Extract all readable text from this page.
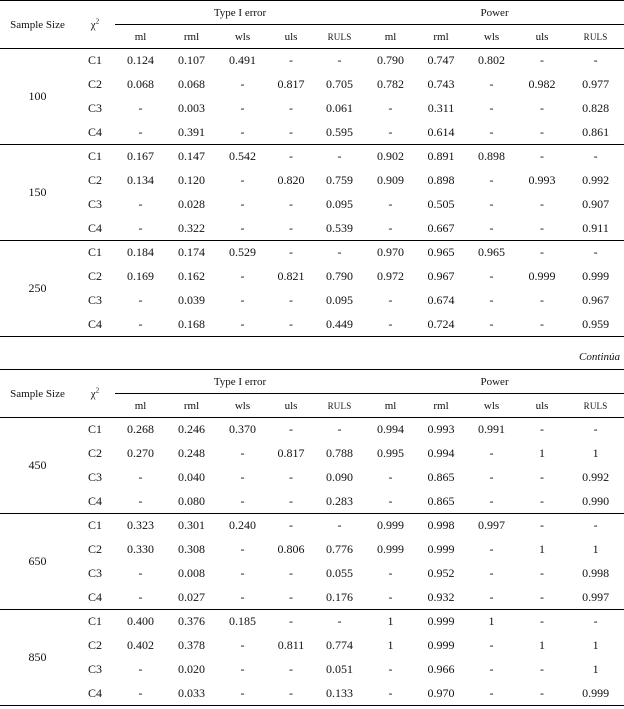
Sample Size	$\chi^2$	Type I error					Power				
		ml	rml	wls	uls	RULS	ml	rml	wls	uls	RULS
100	C1	0.124	0.107	0.491	-	-	0.790	0.747	0.802	-	-
	C2	0.068	0.068	-	0.817	0.705	0.782	0.743	-	0.982	0.977
	C3	-	0.003	-	-	0.061	-	0.311	-	-	0.828
	C4	-	0.391	-	-	0.595	-	0.614	-	-	0.861
150	C1	0.167	0.147	0.542	-	-	0.902	0.891	0.898	-	-
	C2	0.134	0.120	-	0.820	0.759	0.909	0.898	-	0.993	0.992
	C3	-	0.028	-	-	0.095	-	0.505	-	-	0.907
	C4	-	0.322	-	-	0.539	-	0.667	-	-	0.911
250	C1	0.184	0.174	0.529	-	-	0.970	0.965	0.965	-	-
	C2	0.169	0.162	-	0.821	0.790	0.972	0.967	-	0.999	0.999
	C3	-	0.039	-	-	0.095	-	0.674	-	-	0.967
	C4	-	0.168	-	-	0.449	-	0.724	-	-	0.959
Continúa
Sample Size	$\chi^2$	Type I error					Power				
		ml	rml	wls	uls	RULS	ml	rml	wls	uls	RULS
450	C1	0.268	0.246	0.370	-	-	0.994	0.993	0.991	-	-
	C2	0.270	0.248	-	0.817	0.788	0.995	0.994	-	1	1
	C3	-	0.040	-	-	0.090	-	0.865	-	-	0.992
	C4	-	0.080	-	-	0.283	-	0.865	-	-	0.990
650	C1	0.323	0.301	0.240	-	-	0.999	0.998	0.997	-	-
	C2	0.330	0.308	-	0.806	0.776	0.999	0.999	-	1	1
	C3	-	0.008	-	-	0.055	-	0.952	-	-	0.998
	C4	-	0.027	-	-	0.176	-	0.932	-	-	0.997
850	C1	0.400	0.376	0.185	-	-	1	0.999	1	-	-
	C2	0.402	0.378	-	0.811	0.774	1	0.999	-	1	1
	C3	-	0.020	-	-	0.051	-	0.966	-	-	1
	C4	-	0.033	-	-	0.133	-	0.970	-	-	0.999
